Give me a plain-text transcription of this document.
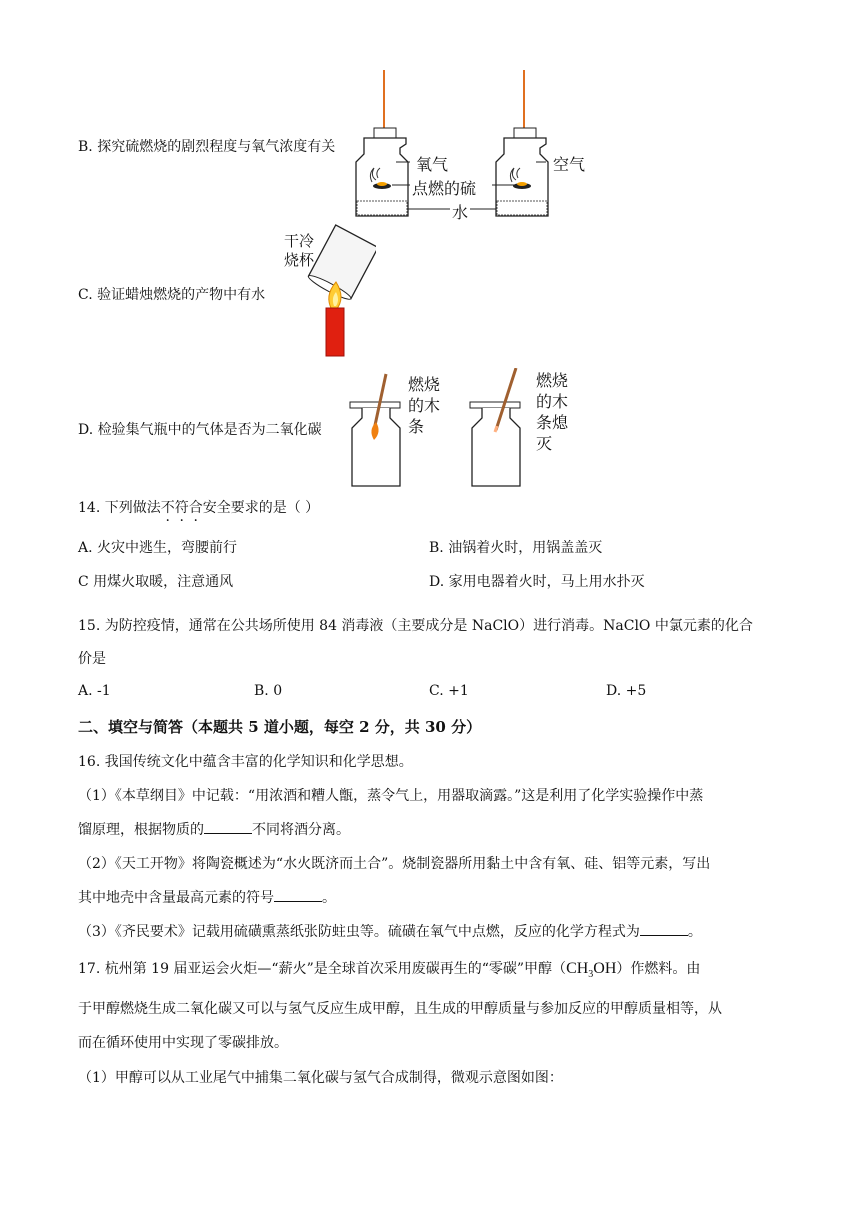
B. 探究硫燃烧的剧烈程度与氧气浓度有关
氧气
点燃的硫
空气
水
C. 验证蜡烛燃烧的产物中有水
干冷
烧杯
D. 检验集气瓶中的气体是否为二氧化碳
燃烧
的木
条
燃烧
的木
条熄
灭
14. 下列做法不符合安全要求的是（ ）
A. 火灾中逃生，弯腰前行	B. 油锅着火时，用锅盖盖灭
C 用煤火取暖，注意通风	D. 家用电器着火时，马上用水扑灭
15. 为防控疫情，通常在公共场所使用 84 消毒液（主要成分是 NaClO）进行消毒。NaClO 中氯元素的化合
价是
A. -1	B. 0	C. +1	D. +5
二、填空与简答（本题共 5 道小题，每空 2 分，共 30 分）
16. 我国传统文化中蕴含丰富的化学知识和化学思想。
（1）《本草纲目》中记载：“用浓酒和糟人甑，蒸令气上，用器取滴露。”这是利用了化学实验操作中蒸
馏原理，根据物质的	不同将酒分离。
（2）《天工开物》将陶瓷概述为“水火既济而土合”。烧制瓷器所用黏土中含有氧、硅、铝等元素，写出
其中地壳中含量最高元素的符号	。
（3）《齐民要术》记载用硫磺熏蒸纸张防蛀虫等。硫磺在氧气中点燃，反应的化学方程式为	。
17. 杭州第 19 届亚运会火炬—“薪火”是全球首次采用废碳再生的“零碳”甲醇$(CH_3OH)$作燃料。由
于甲醇燃烧生成二氧化碳又可以与氢气反应生成甲醇，且生成的甲醇质量与参加反应的甲醇质量相等，从
而在循环使用中实现了零碳排放。
（1）甲醇可以从工业尾气中捕集二氧化碳与氢气合成制得，微观示意图如图：
